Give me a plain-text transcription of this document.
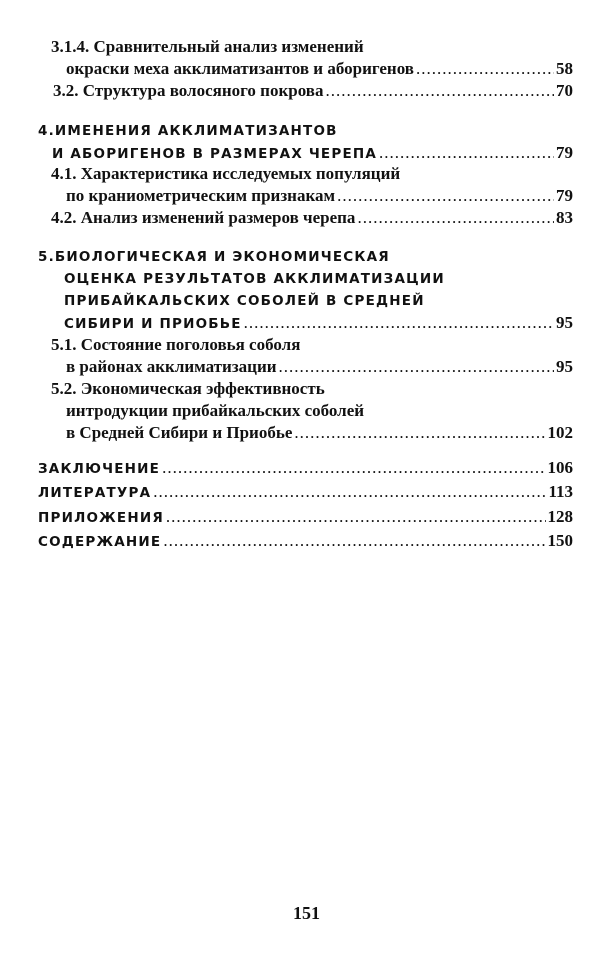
3.1.4. Сравнительный анализ изменений
окраски меха акклиматизантов и аборигенов .....	58
3.2. Структура волосяного покрова .....	70
4.ИМЕНЕНИЯ АККЛИМАТИЗАНТОВ
И АБОРИГЕНОВ В РАЗМЕРАХ ЧЕРЕПА .....	79
4.1. Характеристика исследуемых популяций
по краниометрическим признакам .....	79
4.2. Анализ изменений размеров черепа .....	83
5.БИОЛОГИЧЕСКАЯ И ЭКОНОМИЧЕСКАЯ
ОЦЕНКА РЕЗУЛЬТАТОВ АККЛИМАТИЗАЦИИ
ПРИБАЙКАЛЬСКИХ СОБОЛЕЙ В СРЕДНЕЙ
СИБИРИ И ПРИОБЬЕ .....	95
5.1. Состояние поголовья соболя
в районах акклиматизации .....	95
5.2. Экономическая эффективность
интродукции прибайкальских соболей
в Средней Сибири и Приобье .....	102
ЗАКЛЮЧЕНИЕ .....	106
ЛИТЕРАТУРА .....	113
ПРИЛОЖЕНИЯ .....	128
СОДЕРЖАНИЕ .....	150
151
